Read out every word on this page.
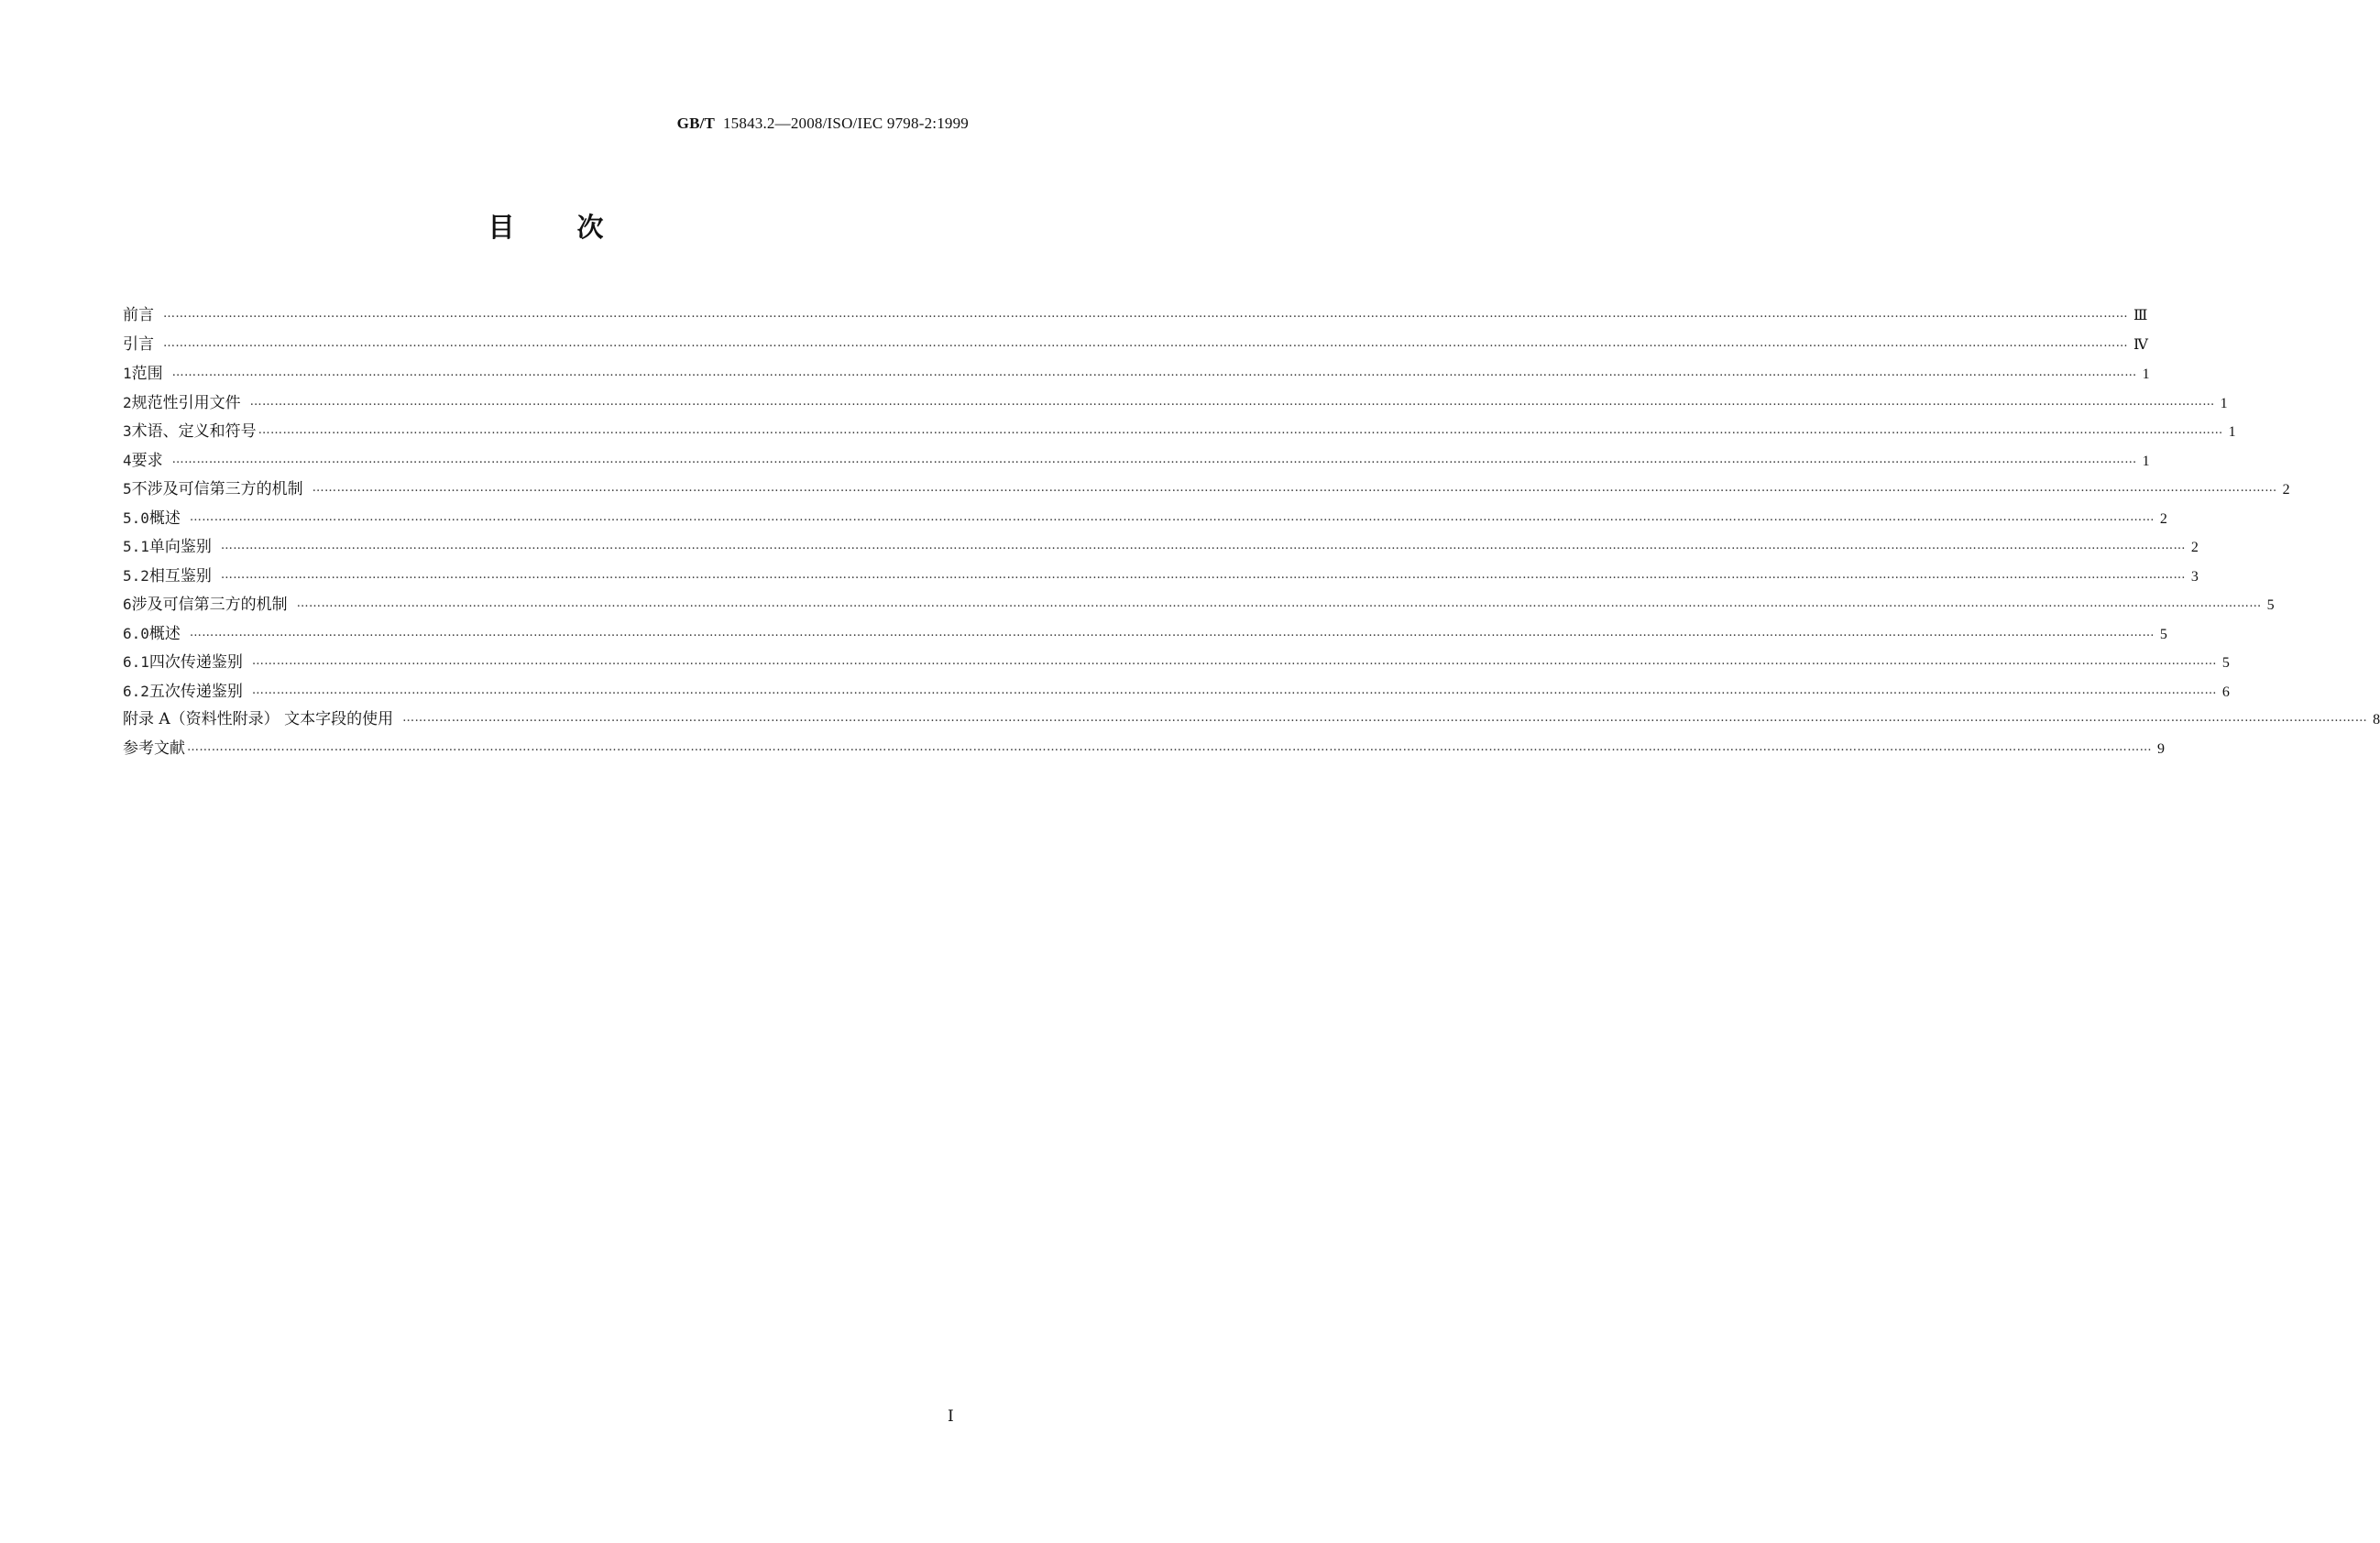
GB/T 15843.2—2008/ISO/IEC 9798-2:1999
目次
前言 ………………………………………………………………………………………………………………………………………………………………………………………………………………………………………………………………………………………………………………………………………………………………………………………………………………………………………… Ⅲ
引言 ………………………………………………………………………………………………………………………………………………………………………………………………………………………………………………………………………………………………………………………………………………………………………………………………………………………………………… Ⅳ
1 范围 ………………………………………………………………………………………………………………………………………………………………………………………………………………………………………………………………………………………………………………………………………………………………………………………………………………………………………… 1
2 规范性引用文件 ………………………………………………………………………………………………………………………………………………………………………………………………………………………………………………………………………………………………………………………………………………………………………………………………………………………………………… 1
3 术语、定义和符号 ………………………………………………………………………………………………………………………………………………………………………………………………………………………………………………………………………………………………………………………………………………………………………………………………………………………………………… 1
4 要求 ………………………………………………………………………………………………………………………………………………………………………………………………………………………………………………………………………………………………………………………………………………………………………………………………………………………………………… 1
5 不涉及可信第三方的机制 ………………………………………………………………………………………………………………………………………………………………………………………………………………………………………………………………………………………………………………………………………………………………………………………………………………………………………… 2
5.0 概述 ………………………………………………………………………………………………………………………………………………………………………………………………………………………………………………………………………………………………………………………………………………………………………………………………………………………………………… 2
5.1 单向鉴别 ………………………………………………………………………………………………………………………………………………………………………………………………………………………………………………………………………………………………………………………………………………………………………………………………………………………………………… 2
5.2 相互鉴别 ………………………………………………………………………………………………………………………………………………………………………………………………………………………………………………………………………………………………………………………………………………………………………………………………………………………………………… 3
6 涉及可信第三方的机制 ………………………………………………………………………………………………………………………………………………………………………………………………………………………………………………………………………………………………………………………………………………………………………………………………………………………………………… 5
6.0 概述 ………………………………………………………………………………………………………………………………………………………………………………………………………………………………………………………………………………………………………………………………………………………………………………………………………………………………………… 5
6.1 四次传递鉴别 ………………………………………………………………………………………………………………………………………………………………………………………………………………………………………………………………………………………………………………………………………………………………………………………………………………………………………… 5
6.2 五次传递鉴别 ………………………………………………………………………………………………………………………………………………………………………………………………………………………………………………………………………………………………………………………………………………………………………………………………………………………………………… 6
附录 A（资料性附录） 文本字段的使用 ………………………………………………………………………………………………………………………………………………………………………………………………………………………………………………………………………………………………………………………………………………………………………………………………………………………………………… 8
参考文献 ………………………………………………………………………………………………………………………………………………………………………………………………………………………………………………………………………………………………………………………………………………………………………………………………………………………………………… 9
Ⅰ
